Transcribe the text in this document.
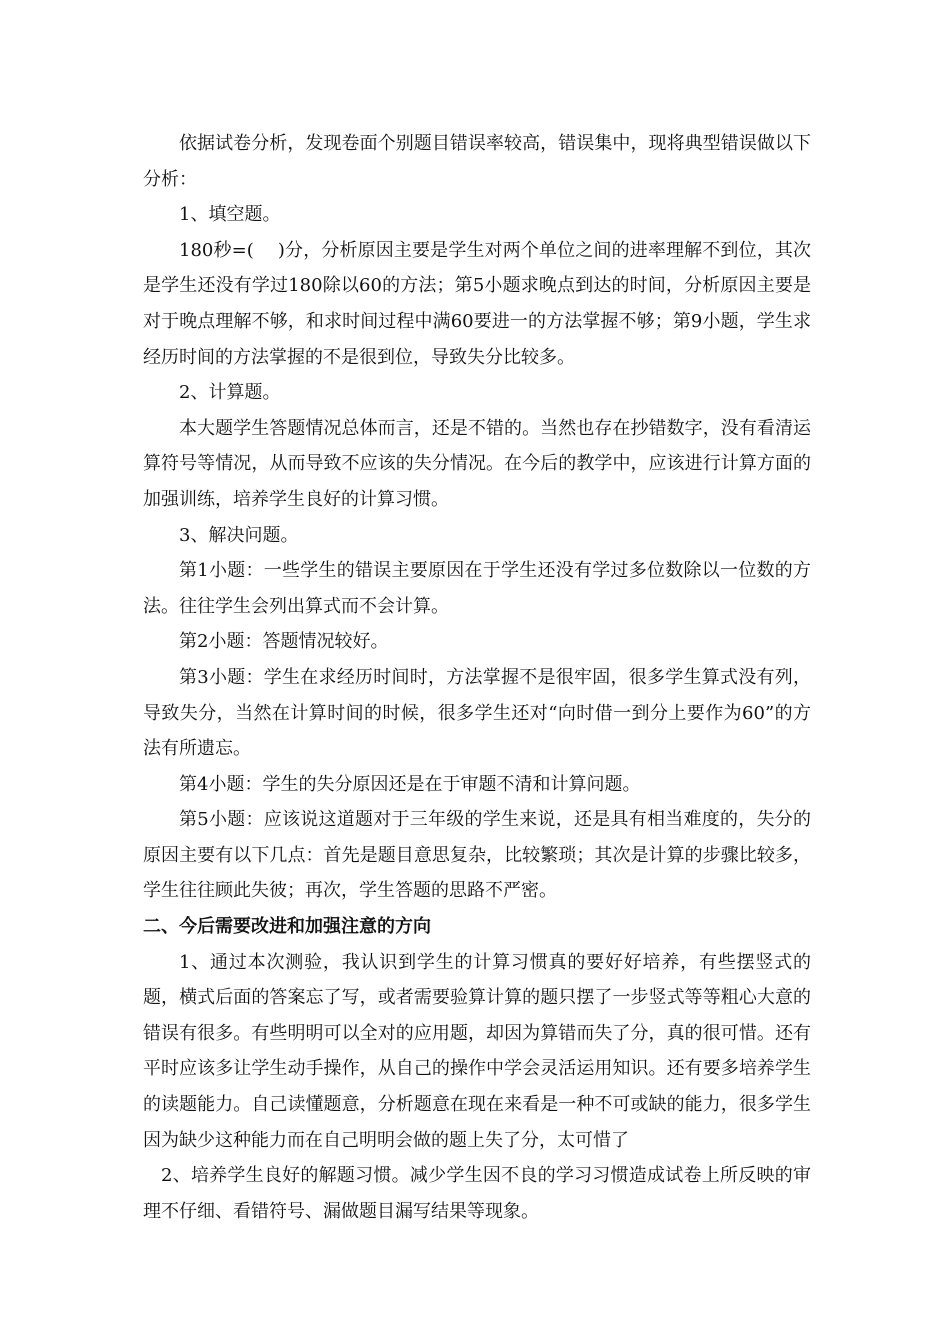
依据试卷分析，发现卷面个别题目错误率较高，错误集中，现将典型错误做以下分析：

1、填空题。

180秒=(　 )分，分析原因主要是学生对两个单位之间的进率理解不到位，其次是学生还没有学过180除以60的方法；第5小题求晚点到达的时间，分析原因主要是对于晚点理解不够，和求时间过程中满60要进一的方法掌握不够；第9小题，学生求经历时间的方法掌握的不是很到位，导致失分比较多。

2、计算题。

本大题学生答题情况总体而言，还是不错的。当然也存在抄错数字，没有看清运算符号等情况，从而导致不应该的失分情况。在今后的教学中，应该进行计算方面的加强训练，培养学生良好的计算习惯。

3、解决问题。

第1小题：一些学生的错误主要原因在于学生还没有学过多位数除以一位数的方法。往往学生会列出算式而不会计算。

第2小题：答题情况较好。

第3小题：学生在求经历时间时，方法掌握不是很牢固，很多学生算式没有列，导致失分，当然在计算时间的时候，很多学生还对“向时借一到分上要作为60”的方法有所遗忘。

第4小题：学生的失分原因还是在于审题不清和计算问题。

第5小题：应该说这道题对于三年级的学生来说，还是具有相当难度的，失分的原因主要有以下几点：首先是题目意思复杂，比较繁琐；其次是计算的步骤比较多，学生往往顾此失彼；再次，学生答题的思路不严密。

二、今后需要改进和加强注意的方向

1、通过本次测验，我认识到学生的计算习惯真的要好好培养，有些摆竖式的题，横式后面的答案忘了写，或者需要验算计算的题只摆了一步竖式等等粗心大意的错误有很多。有些明明可以全对的应用题，却因为算错而失了分，真的很可惜。还有平时应该多让学生动手操作，从自己的操作中学会灵活运用知识。还有要多培养学生的读题能力。自己读懂题意，分析题意在现在来看是一种不可或缺的能力，很多学生因为缺少这种能力而在自己明明会做的题上失了分，太可惜了

2、培养学生良好的解题习惯。减少学生因不良的学习习惯造成试卷上所反映的审理不仔细、看错符号、漏做题目漏写结果等现象。
